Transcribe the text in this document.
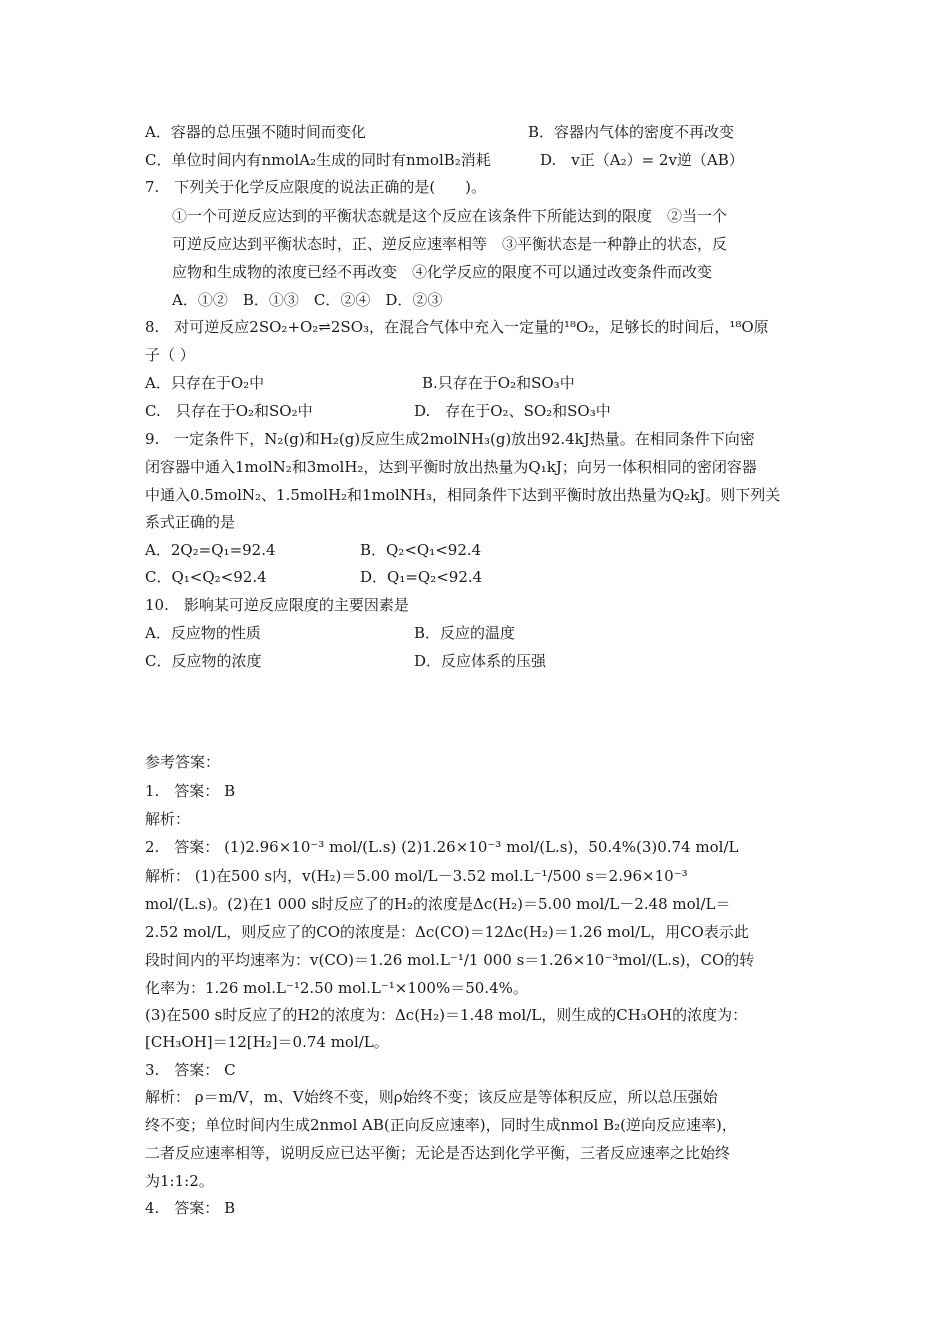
A．容器的总压强不随时间而变化	B．容器内气体的密度不再改变
C．单位时间内有nmolA₂生成的同时有nmolB₂消耗	D.　v正（A₂）= 2v逆（AB）
7.　下列关于化学反应限度的说法正确的是(　　)。
①一个可逆反应达到的平衡状态就是这个反应在该条件下所能达到的限度　②当一个
可逆反应达到平衡状态时，正、逆反应速率相等　③平衡状态是一种静止的状态，反
应物和生成物的浓度已经不再改变　④化学反应的限度不可以通过改变条件而改变
A．①②　B．①③　C．②④　D．②③
8.　对可逆反应2SO₂+O₂⇌2SO₃，在混合气体中充入一定量的¹⁸O₂，足够长的时间后，¹⁸O原
子（ ）
A．只存在于O₂中	B.只存在于O₂和SO₃中
C.　只存在于O₂和SO₂中	D.　存在于O₂、SO₂和SO₃中
9.　一定条件下，N₂(g)和H₂(g)反应生成2molNH₃(g)放出92.4kJ热量。在相同条件下向密
闭容器中通入1molN₂和3molH₂，达到平衡时放出热量为Q₁kJ；向另一体积相同的密闭容器
中通入0.5molN₂、1.5molH₂和1molNH₃，相同条件下达到平衡时放出热量为Q₂kJ。则下列关
系式正确的是
A．2Q₂=Q₁=92.4	B．Q₂<Q₁<92.4
C．Q₁<Q₂<92.4	D．Q₁=Q₂<92.4
10.　影响某可逆反应限度的主要因素是
A．反应物的性质	B．反应的温度
C．反应物的浓度	D．反应体系的压强
参考答案：
1.　答案： B
解析：
2.　答案： (1)2.96×10⁻³ mol/(L.s) (2)1.26×10⁻³ mol/(L.s)，50.4%(3)0.74 mol/L
解析： (1)在500 s内，v(H₂)＝5.00 mol/L－3.52 mol.L⁻¹/500 s＝2.96×10⁻³
mol/(L.s)。(2)在1 000 s时反应了的H₂的浓度是Δc(H₂)＝5.00 mol/L－2.48 mol/L＝
2.52 mol/L，则反应了的CO的浓度是：Δc(CO)＝12Δc(H₂)＝1.26 mol/L，用CO表示此
段时间内的平均速率为：v(CO)＝1.26 mol.L⁻¹/1 000 s＝1.26×10⁻³mol/(L.s)，CO的转
化率为：1.26 mol.L⁻¹2.50 mol.L⁻¹×100%＝50.4%。
(3)在500 s时反应了的H2的浓度为：Δc(H₂)＝1.48 mol/L，则生成的CH₃OH的浓度为：
[CH₃OH]＝12[H₂]＝0.74 mol/L。
3.　答案： C
解析： ρ＝m/V，m、V始终不变，则ρ始终不变；该反应是等体积反应，所以总压强始
终不变；单位时间内生成2nmol AB(正向反应速率)，同时生成nmol B₂(逆向反应速率)，
二者反应速率相等，说明反应已达平衡；无论是否达到化学平衡，三者反应速率之比始终
为1:1:2。
4.　答案： B
